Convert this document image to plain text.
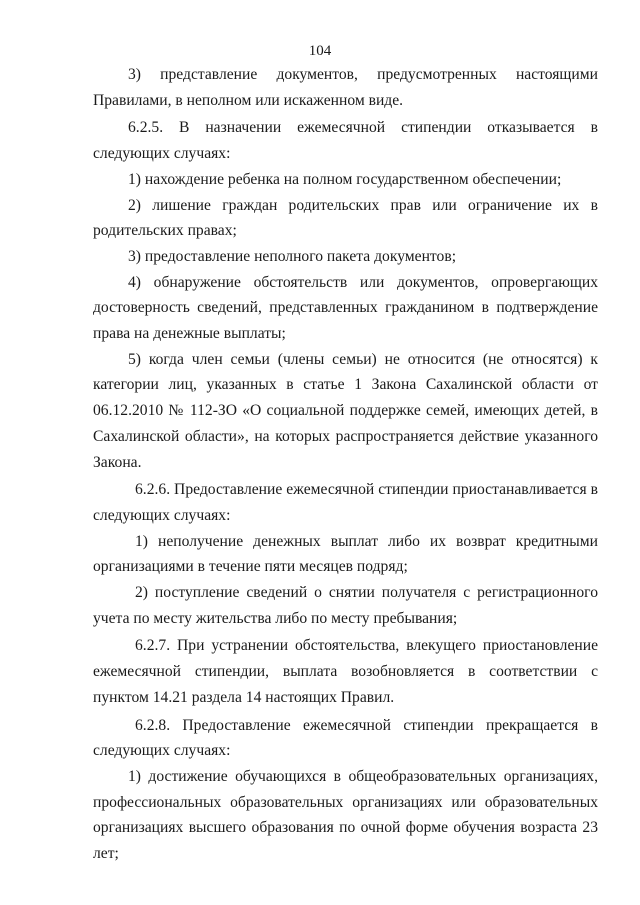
104

3) представление документов, предусмотренных настоящими Правилами, в неполном или искаженном виде.

6.2.5. В назначении ежемесячной стипендии отказывается в следующих случаях:

1) нахождение ребенка на полном государственном обеспечении;

2) лишение граждан родительских прав или ограничение их в родительских правах;

3) предоставление неполного пакета документов;

4) обнаружение обстоятельств или документов, опровергающих достоверность сведений, представленных гражданином в подтверждение права на денежные выплаты;

5) когда член семьи (члены семьи) не относится (не относятся) к категории лиц, указанных в статье 1 Закона Сахалинской области от 06.12.2010 № 112-ЗО «О социальной поддержке семей, имеющих детей, в Сахалинской области», на которых распространяется действие указанного Закона.

6.2.6. Предоставление ежемесячной стипендии приостанавливается в следующих случаях:

1) неполучение денежных выплат либо их возврат кредитными организациями в течение пяти месяцев подряд;

2) поступление сведений о снятии получателя с регистрационного учета по месту жительства либо по месту пребывания;

6.2.7. При устранении обстоятельства, влекущего приостановление ежемесячной стипендии, выплата возобновляется в соответствии с пунктом 14.21 раздела 14 настоящих Правил.

6.2.8. Предоставление ежемесячной стипендии прекращается в следующих случаях:

1) достижение обучающихся в общеобразовательных организациях, профессиональных образовательных организациях или образовательных организациях высшего образования по очной форме обучения возраста 23 лет;
